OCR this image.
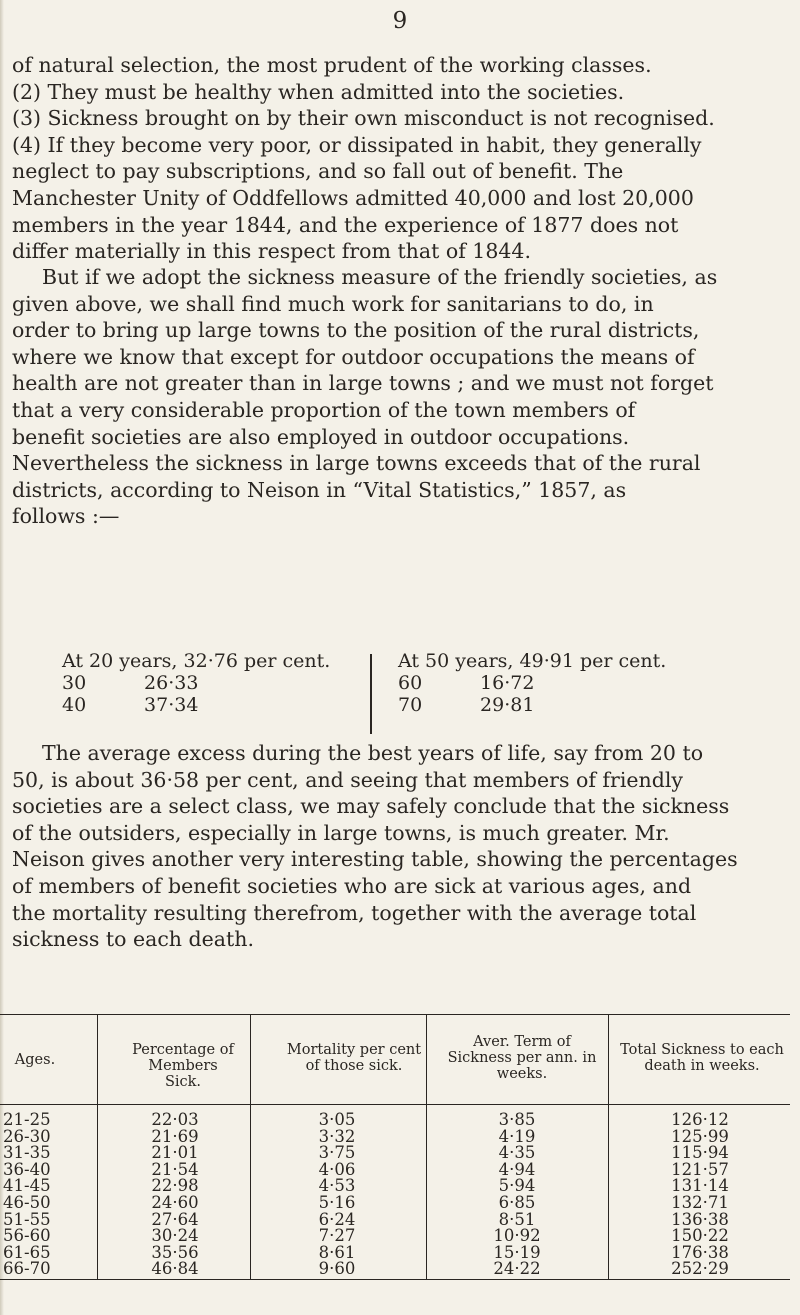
9
of natural selection, the most prudent of the working classes.
(2) They must be healthy when admitted into the societies.
(3) Sickness brought on by their own misconduct is not recognised.
(4) If they become very poor, or dissipated in habit, they generally
neglect to pay subscriptions, and so fall out of benefit. The
Manchester Unity of Oddfellows admitted 40,000 and lost 20,000
members in the year 1844, and the experience of 1877 does not
differ materially in this respect from that of 1844.
But if we adopt the sickness measure of the friendly societies, as
given above, we shall find much work for sanitarians to do, in
order to bring up large towns to the position of the rural districts,
where we know that except for outdoor occupations the means of
health are not greater than in large towns ; and we must not forget
that a very considerable proportion of the town members of
benefit societies are also employed in outdoor occupations.
Nevertheless the sickness in large towns exceeds that of the rural
districts, according to Neison in “Vital Statistics,” 1857, as
follows :—
At 20 years, 32·76 per cent.
30	26·33
40	37·34
At 50 years, 49·91 per cent.
60	16·72
70	29·81
The average excess during the best years of life, say from 20 to
50, is about 36·58 per cent, and seeing that members of friendly
societies are a select class, we may safely conclude that the sickness
of the outsiders, especially in large towns, is much greater. Mr.
Neison gives another very interesting table, showing the percentages
of members of benefit societies who are sick at various ages, and
the mortality resulting therefrom, together with the average total
sickness to each death.
Ages.
Percentage of Members Sick.
Mortality per cent of those sick.
Aver. Term of Sickness per ann. in weeks.
Total Sickness to each death in weeks.
21-25	22·03	3·05	3·85	126·12
26-30	21·69	3·32	4·19	125·99
31-35	21·01	3·75	4·35	115·94
36-40	21·54	4·06	4·94	121·57
41-45	22·98	4·53	5·94	131·14
46-50	24·60	5·16	6·85	132·71
51-55	27·64	6·24	8·51	136·38
56-60	30·24	7·27	10·92	150·22
61-65	35·56	8·61	15·19	176·38
66-70	46·84	9·60	24·22	252·29
